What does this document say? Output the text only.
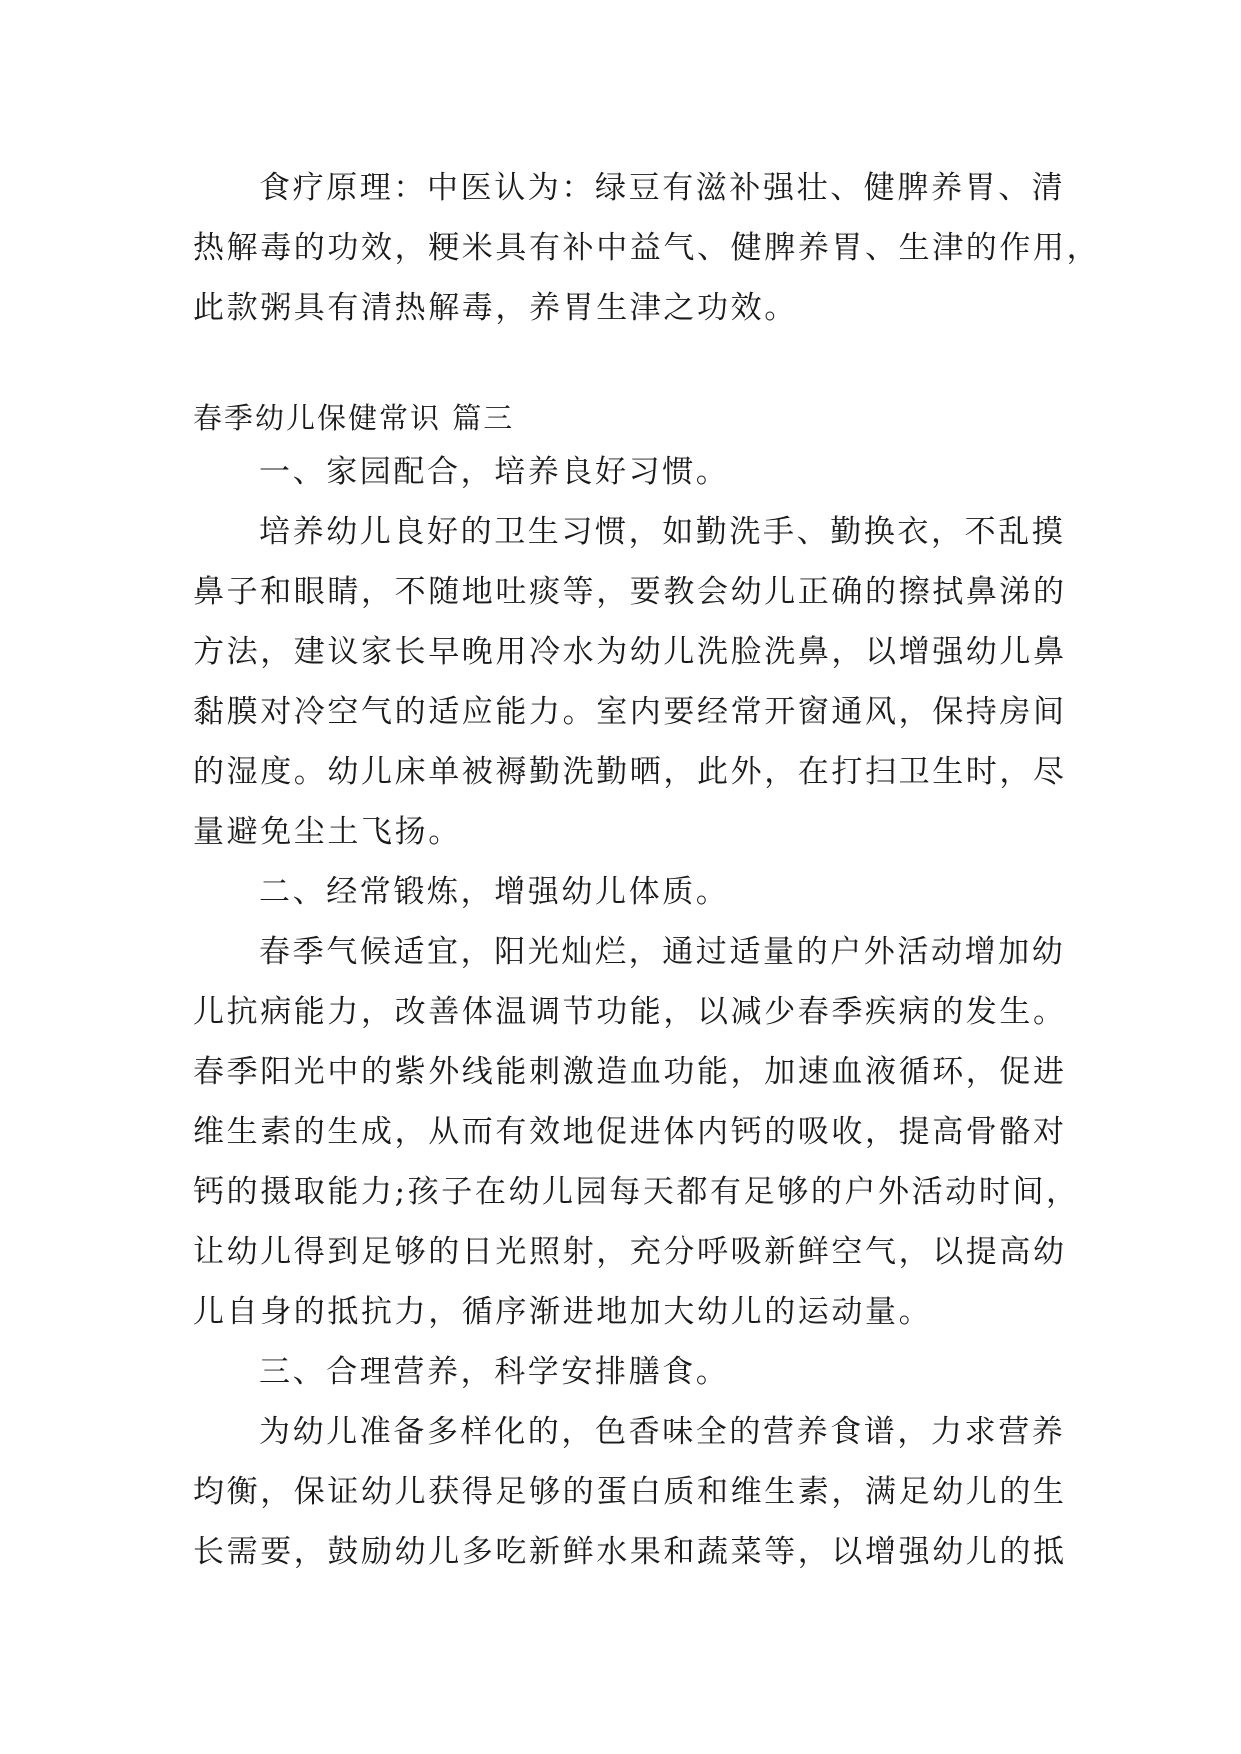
食疗原理：中医认为：绿豆有滋补强壮、健脾养胃、清
热解毒的功效，粳米具有补中益气、健脾养胃、生津的作用，
此款粥具有清热解毒，养胃生津之功效。
春季幼儿保健常识 篇三
一、家园配合，培养良好习惯。
培养幼儿良好的卫生习惯，如勤洗手、勤换衣，不乱摸
鼻子和眼睛，不随地吐痰等，要教会幼儿正确的擦拭鼻涕的
方法，建议家长早晚用冷水为幼儿洗脸洗鼻，以增强幼儿鼻
黏膜对冷空气的适应能力。室内要经常开窗通风，保持房间
的湿度。幼儿床单被褥勤洗勤晒，此外，在打扫卫生时，尽
量避免尘土飞扬。
二、经常锻炼，增强幼儿体质。
春季气候适宜，阳光灿烂，通过适量的户外活动增加幼
儿抗病能力，改善体温调节功能，以减少春季疾病的发生。
春季阳光中的紫外线能刺激造血功能，加速血液循环，促进
维生素的生成，从而有效地促进体内钙的吸收，提高骨骼对
钙的摄取能力;孩子在幼儿园每天都有足够的户外活动时间，
让幼儿得到足够的日光照射，充分呼吸新鲜空气，以提高幼
儿自身的抵抗力，循序渐进地加大幼儿的运动量。
三、合理营养，科学安排膳食。
为幼儿准备多样化的，色香味全的营养食谱，力求营养
均衡，保证幼儿获得足够的蛋白质和维生素，满足幼儿的生
长需要，鼓励幼儿多吃新鲜水果和蔬菜等，以增强幼儿的抵
